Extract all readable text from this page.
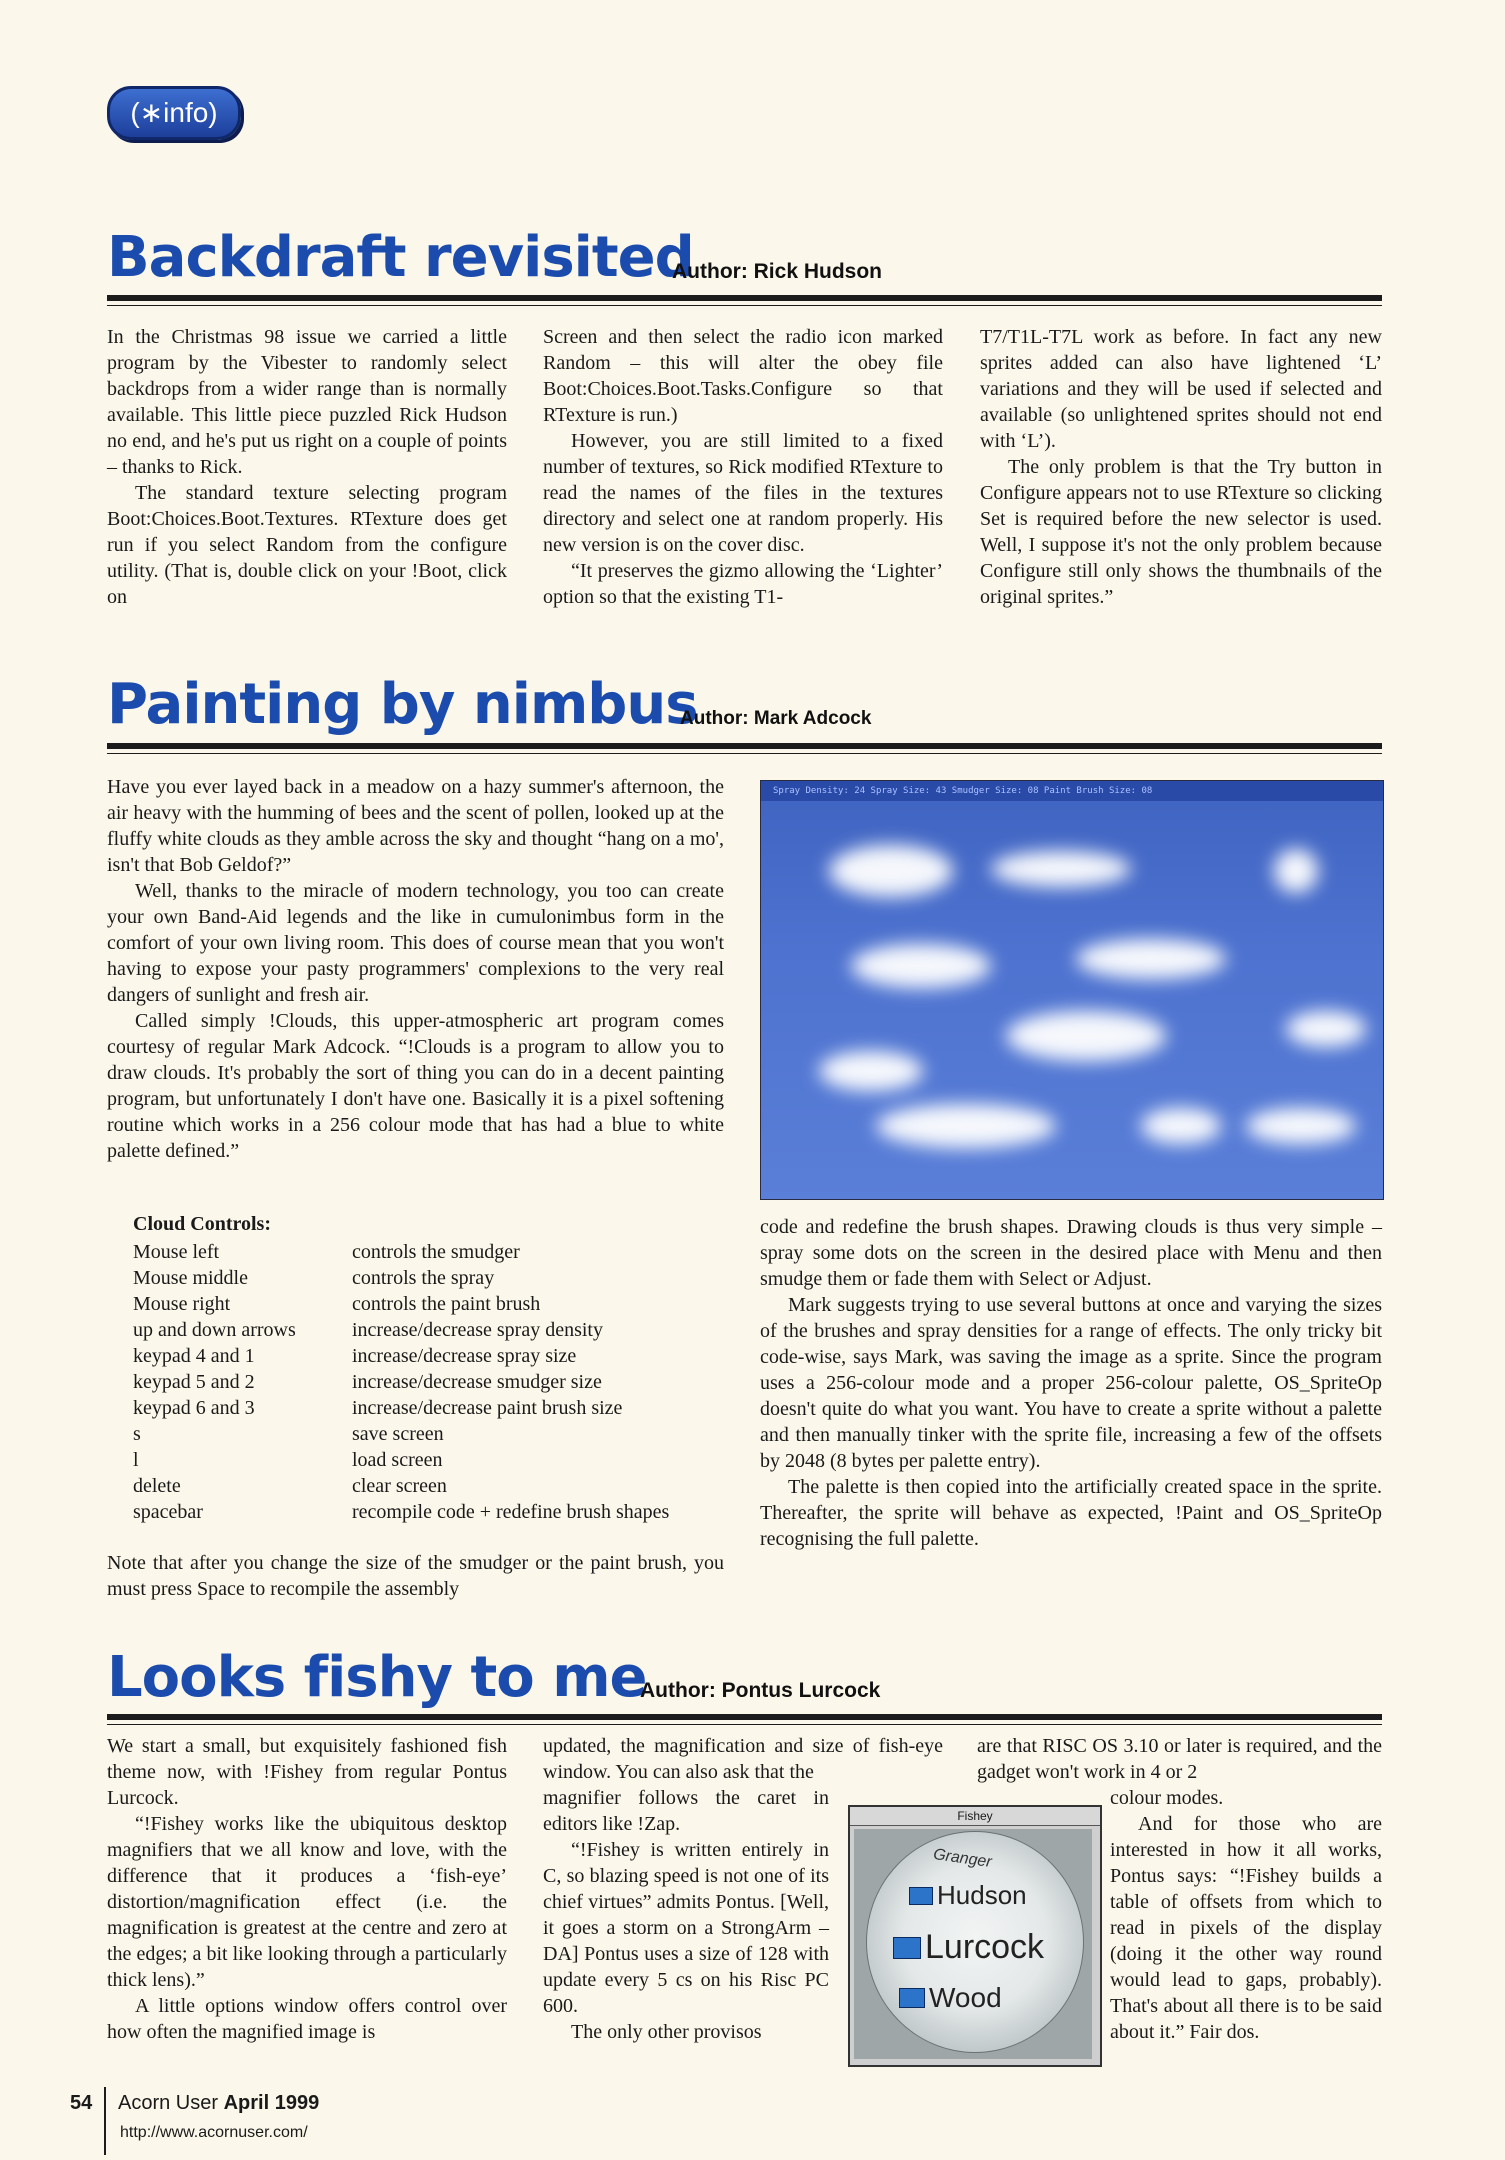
(∗info)
Backdraft revisited
Author: Rick Hudson

In the Christmas 98 issue we carried a little program by the Vibester to randomly select backdrops from a wider range than is normally available. This little piece puzzled Rick Hudson no end, and he's put us right on a couple of points – thanks to Rick.

The standard texture selecting program Boot:Choices.Boot.Textures. RTexture does get run if you select Random from the configure utility. (That is, double click on your !Boot, click on

Screen and then select the radio icon marked Random – this will alter the obey file Boot:Choices.Boot.Tasks.Configure so that RTexture is run.)

However, you are still limited to a fixed number of textures, so Rick modified RTexture to read the names of the files in the textures directory and select one at random properly. His new version is on the cover disc.

“It preserves the gizmo allowing the ‘Lighter’ option so that the existing T1-

T7/T1L-T7L work as before. In fact any new sprites added can also have lightened ‘L’ variations and they will be used if selected and available (so unlightened sprites should not end with ‘L’).

The only problem is that the Try button in Configure appears not to use RTexture so clicking Set is required before the new selector is used. Well, I suppose it's not the only problem because Configure still only shows the thumbnails of the original sprites.”

Painting by nimbus
Author: Mark Adcock

Have you ever layed back in a meadow on a hazy summer's afternoon, the air heavy with the humming of bees and the scent of pollen, looked up at the fluffy white clouds as they amble across the sky and thought “hang on a mo', isn't that Bob Geldof?”

Well, thanks to the miracle of modern technology, you too can create your own Band-Aid legends and the like in cumulonimbus form in the comfort of your own living room. This does of course mean that you won't having to expose your pasty programmers' complexions to the very real dangers of sunlight and fresh air.

Called simply !Clouds, this upper-atmospheric art program comes courtesy of regular Mark Adcock. “!Clouds is a program to allow you to draw clouds. It's probably the sort of thing you can do in a decent painting program, but unfortunately I don't have one. Basically it is a pixel softening routine which works in a 256 colour mode that has had a blue to white palette defined.”

Spray Density: 24 Spray Size: 43 Smudger Size: 08 Paint Brush Size: 08
Cloud Controls:
Mouse left	controls the smudger
Mouse middle	controls the spray
Mouse right	controls the paint brush
up and down arrows	increase/decrease spray density
keypad 4 and 1	increase/decrease spray size
keypad 5 and 2	increase/decrease smudger size
keypad 6 and 3	increase/decrease paint brush size
s	save screen
l	load screen
delete	clear screen
spacebar	recompile code + redefine brush shapes

Note that after you change the size of the smudger or the paint brush, you must press Space to recompile the assembly

code and redefine the brush shapes. Drawing clouds is thus very simple – spray some dots on the screen in the desired place with Menu and then smudge them or fade them with Select or Adjust.

Mark suggests trying to use several buttons at once and varying the sizes of the brushes and spray densities for a range of effects. The only tricky bit code-wise, says Mark, was saving the image as a sprite. Since the program uses a 256-colour mode and a proper 256-colour palette, OS_SpriteOp doesn't quite do what you want. You have to create a sprite without a palette and then manually tinker with the sprite file, increasing a few of the offsets by 2048 (8 bytes per palette entry).

The palette is then copied into the artificially created space in the sprite. Thereafter, the sprite will behave as expected, !Paint and OS_SpriteOp recognising the full palette.

Looks fishy to me
Author: Pontus Lurcock

We start a small, but exquisitely fashioned fish theme now, with !Fishey from regular Pontus Lurcock.

“!Fishey works like the ubiquitous desktop magnifiers that we all know and love, with the difference that it produces a ‘fish-eye’ distortion/magnification effect (i.e. the magnification is greatest at the centre and zero at the edges; a bit like looking through a particularly thick lens).”

A little options window offers control over how often the magnified image is

updated, the magnification and size of fish-eye window. You can also ask that the

magnifier follows the caret in editors like !Zap.

“!Fishey is written entirely in C, so blazing speed is not one of its chief virtues” admits Pontus. [Well, it goes a storm on a StrongArm – DA] Pontus uses a size of 128 with update every 5 cs on his Risc PC 600.

The only other provisos

are that RISC OS 3.10 or later is required, and the gadget won't work in 4 or 2

colour modes.

And for those who are interested in how it all works, Pontus says: “!Fishey builds a table of offsets from which to read in pixels of the display (doing it the other way round would lead to gaps, probably). That's about all there is to be said about it.” Fair dos.

Fishey
Granger
Hudson
Lurcock
Wood
54 Acorn User April 1999
http://www.acornuser.com/
